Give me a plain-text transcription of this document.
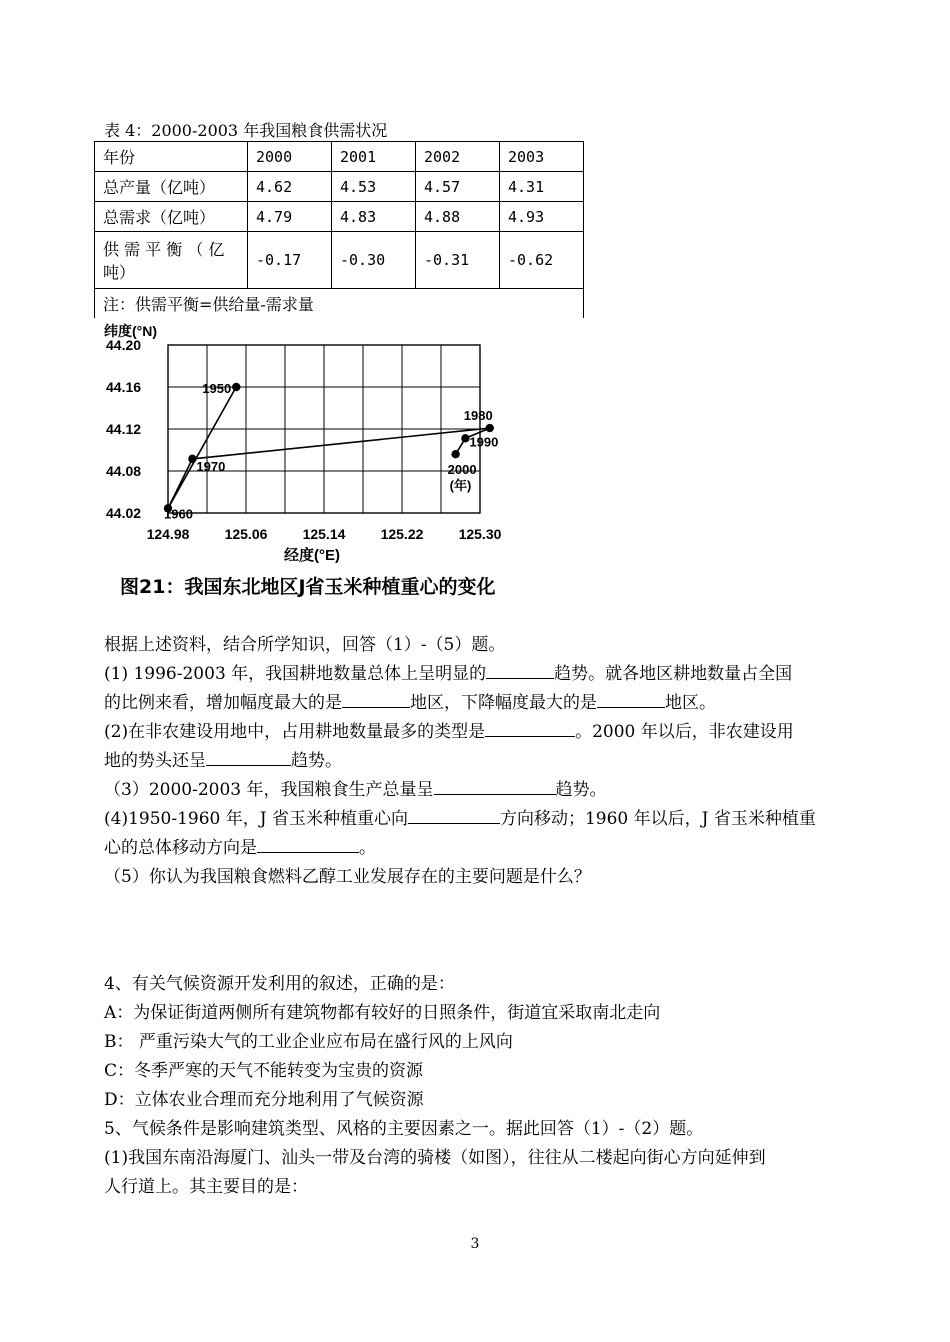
表 4：2000-2003 年我国粮食供需状况
年份	2000	2001	2002	2003
总产量（亿吨）	4.62	4.53	4.57	4.31
总需求（亿吨）	4.79	4.83	4.88	4.93
供 需 平 衡 （ 亿 吨）	-0.17	-0.30	-0.31	-0.62
注：供需平衡=供给量-需求量				
纬度(°N)
经度(°E)
44.20
44.16
44.12
44.08
44.02
124.98	125.06	125.14	125.22	125.30
1950
1960
1970
1980
1990
2000
(年)
图21：我国东北地区J省玉米种植重心的变化
根据上述资料，结合所学知识，回答（1）-（5）题。
(1) 1996-2003 年，我国耕地数量总体上呈明显的	趋势。就各地区耕地数量占全国
的比例来看，增加幅度最大的是	地区，下降幅度最大的是	地区。
(2)在非农建设用地中，占用耕地数量最多的类型是	。2000 年以后，非农建设用
地的势头还呈	趋势。
（3）2000-2003 年，我国粮食生产总量呈	趋势。
(4)1950-1960 年，J 省玉米种植重心向	方向移动；1960 年以后，J 省玉米种植重
心的总体移动方向是	。
（5）你认为我国粮食燃料乙醇工业发展存在的主要问题是什么？
4、有关气候资源开发利用的叙述，正确的是：
A：为保证街道两侧所有建筑物都有较好的日照条件，街道宜采取南北走向
B： 严重污染大气的工业企业应布局在盛行风的上风向
C：冬季严寒的天气不能转变为宝贵的资源
D：立体农业合理而充分地利用了气候资源
5、气候条件是影响建筑类型、风格的主要因素之一。据此回答（1）-（2）题。
(1)我国东南沿海厦门、汕头一带及台湾的骑楼（如图），往往从二楼起向街心方向延伸到
人行道上。其主要目的是：
3
